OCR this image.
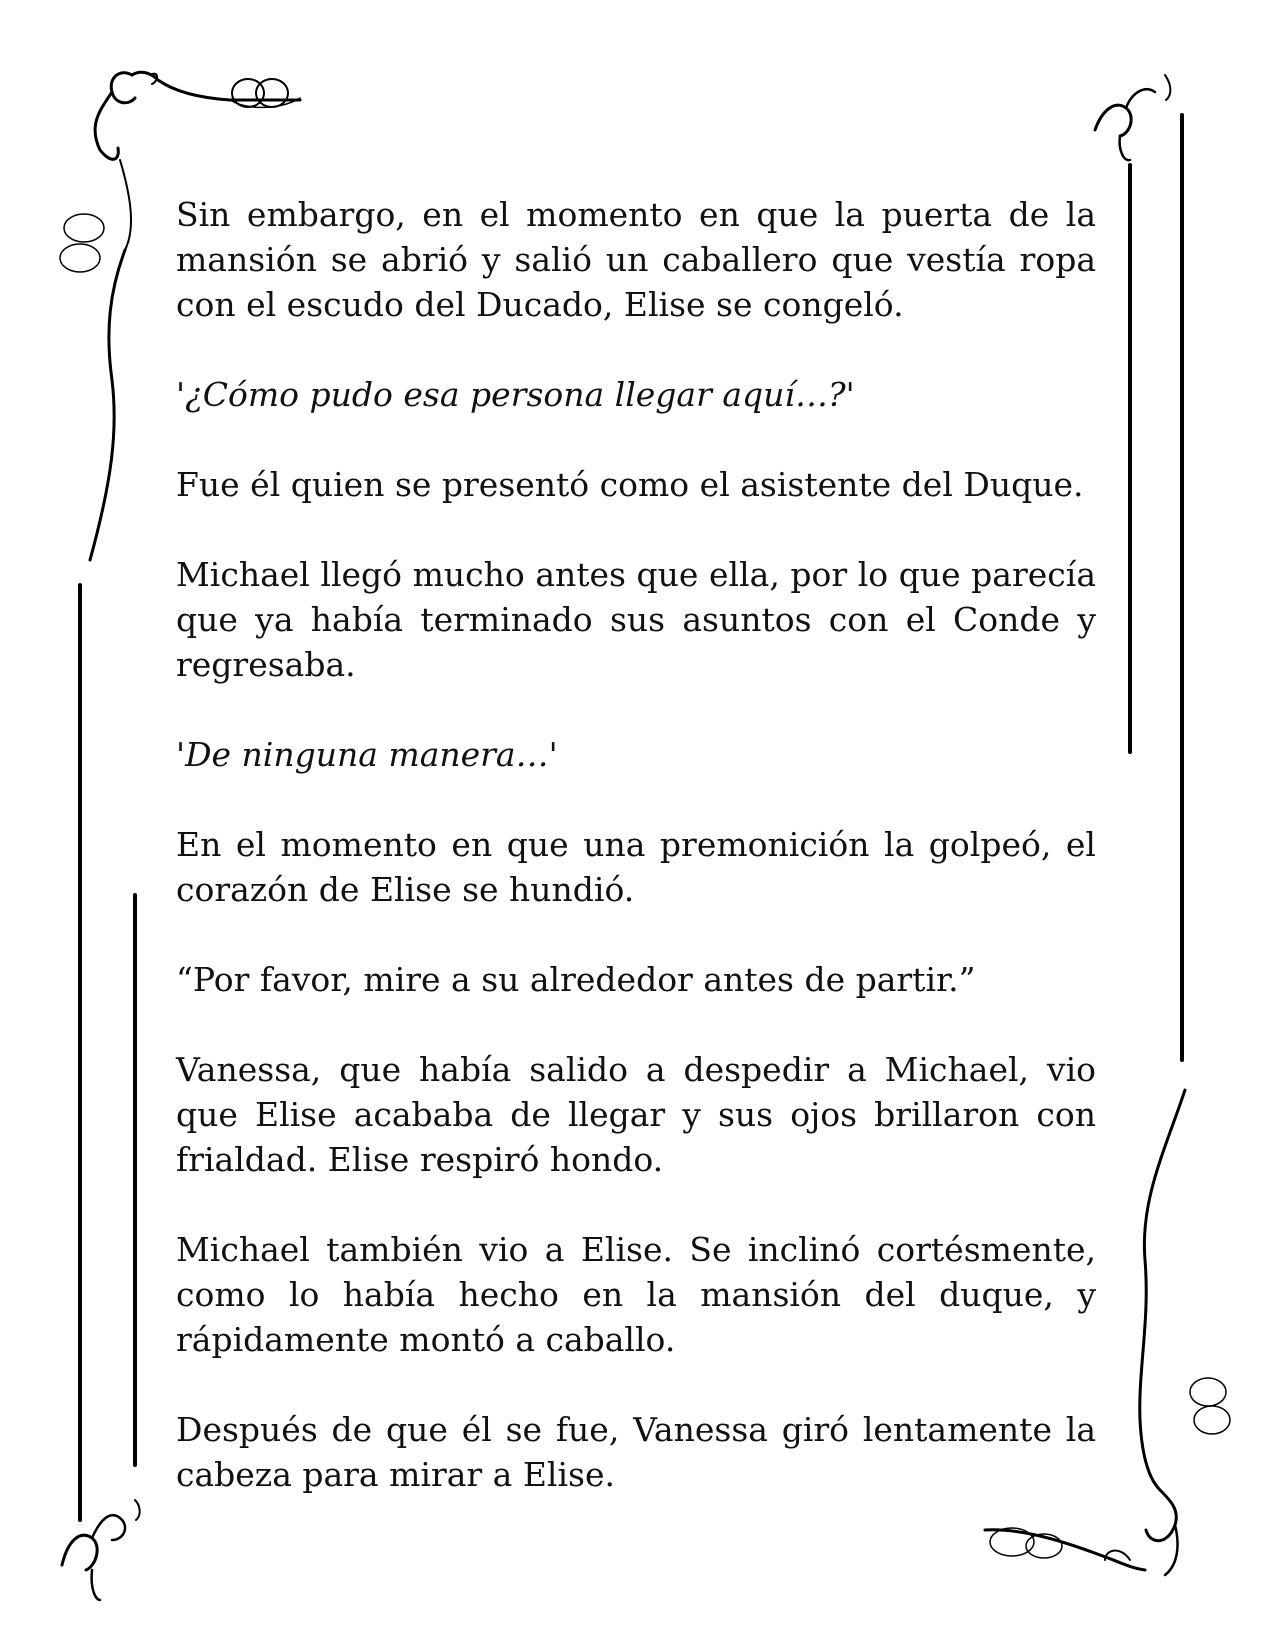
Sin embargo, en el momento en que la puerta de la mansión se abrió y salió un caballero que vestía ropa con el escudo del Ducado, Elise se congeló.

'¿Cómo pudo esa persona llegar aquí…?'

Fue él quien se presentó como el asistente del Duque.

Michael llegó mucho antes que ella, por lo que parecía que ya había terminado sus asuntos con el Conde y regresaba.

'De ninguna manera…'

En el momento en que una premonición la golpeó, el corazón de Elise se hundió.

“Por favor, mire a su alrededor antes de partir.”

Vanessa, que había salido a despedir a Michael, vio que Elise acababa de llegar y sus ojos brillaron con frialdad. Elise respiró hondo.

Michael también vio a Elise. Se inclinó cortésmente, como lo había hecho en la mansión del duque, y rápidamente montó a caballo.

Después de que él se fue, Vanessa giró lentamente la cabeza para mirar a Elise.
